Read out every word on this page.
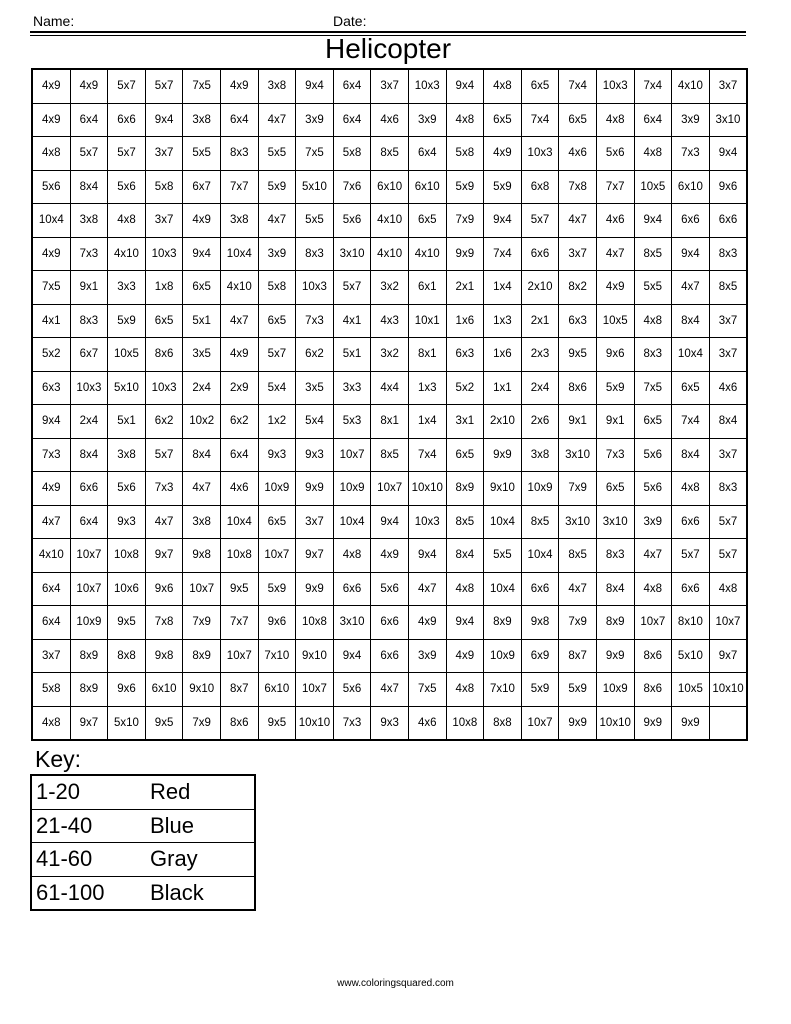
Name:	Date:
Helicopter
4x9	4x9	5x7	5x7	7x5	4x9	3x8	9x4	6x4	3x7	10x3	9x4	4x8	6x5	7x4	10x3	7x4	4x10	3x7
4x9	6x4	6x6	9x4	3x8	6x4	4x7	3x9	6x4	4x6	3x9	4x8	6x5	7x4	6x5	4x8	6x4	3x9	3x10
4x8	5x7	5x7	3x7	5x5	8x3	5x5	7x5	5x8	8x5	6x4	5x8	4x9	10x3	4x6	5x6	4x8	7x3	9x4
5x6	8x4	5x6	5x8	6x7	7x7	5x9	5x10	7x6	6x10	6x10	5x9	5x9	6x8	7x8	7x7	10x5	6x10	9x6
10x4	3x8	4x8	3x7	4x9	3x8	4x7	5x5	5x6	4x10	6x5	7x9	9x4	5x7	4x7	4x6	9x4	6x6	6x6
4x9	7x3	4x10	10x3	9x4	10x4	3x9	8x3	3x10	4x10	4x10	9x9	7x4	6x6	3x7	4x7	8x5	9x4	8x3
7x5	9x1	3x3	1x8	6x5	4x10	5x8	10x3	5x7	3x2	6x1	2x1	1x4	2x10	8x2	4x9	5x5	4x7	8x5
4x1	8x3	5x9	6x5	5x1	4x7	6x5	7x3	4x1	4x3	10x1	1x6	1x3	2x1	6x3	10x5	4x8	8x4	3x7
5x2	6x7	10x5	8x6	3x5	4x9	5x7	6x2	5x1	3x2	8x1	6x3	1x6	2x3	9x5	9x6	8x3	10x4	3x7
6x3	10x3	5x10	10x3	2x4	2x9	5x4	3x5	3x3	4x4	1x3	5x2	1x1	2x4	8x6	5x9	7x5	6x5	4x6
9x4	2x4	5x1	6x2	10x2	6x2	1x2	5x4	5x3	8x1	1x4	3x1	2x10	2x6	9x1	9x1	6x5	7x4	8x4
7x3	8x4	3x8	5x7	8x4	6x4	9x3	9x3	10x7	8x5	7x4	6x5	9x9	3x8	3x10	7x3	5x6	8x4	3x7
4x9	6x6	5x6	7x3	4x7	4x6	10x9	9x9	10x9	10x7	10x10	8x9	9x10	10x9	7x9	6x5	5x6	4x8	8x3
4x7	6x4	9x3	4x7	3x8	10x4	6x5	3x7	10x4	9x4	10x3	8x5	10x4	8x5	3x10	3x10	3x9	6x6	5x7
4x10	10x7	10x8	9x7	9x8	10x8	10x7	9x7	4x8	4x9	9x4	8x4	5x5	10x4	8x5	8x3	4x7	5x7	5x7
6x4	10x7	10x6	9x6	10x7	9x5	5x9	9x9	6x6	5x6	4x7	4x8	10x4	6x6	4x7	8x4	4x8	6x6	4x8
6x4	10x9	9x5	7x8	7x9	7x7	9x6	10x8	3x10	6x6	4x9	9x4	8x9	9x8	7x9	8x9	10x7	8x10	10x7
3x7	8x9	8x8	9x8	8x9	10x7	7x10	9x10	9x4	6x6	3x9	4x9	10x9	6x9	8x7	9x9	8x6	5x10	9x7
5x8	8x9	9x6	6x10	9x10	8x7	6x10	10x7	5x6	4x7	7x5	4x8	7x10	5x9	5x9	10x9	8x6	10x5	10x10
4x8	9x7	5x10	9x5	7x9	8x6	9x5	10x10	7x3	9x3	4x6	10x8	8x8	10x7	9x9	10x10	9x9	9x9	
Key:
1-20	Red
21-40	Blue
41-60	Gray
61-100	Black
www.coloringsquared.com
